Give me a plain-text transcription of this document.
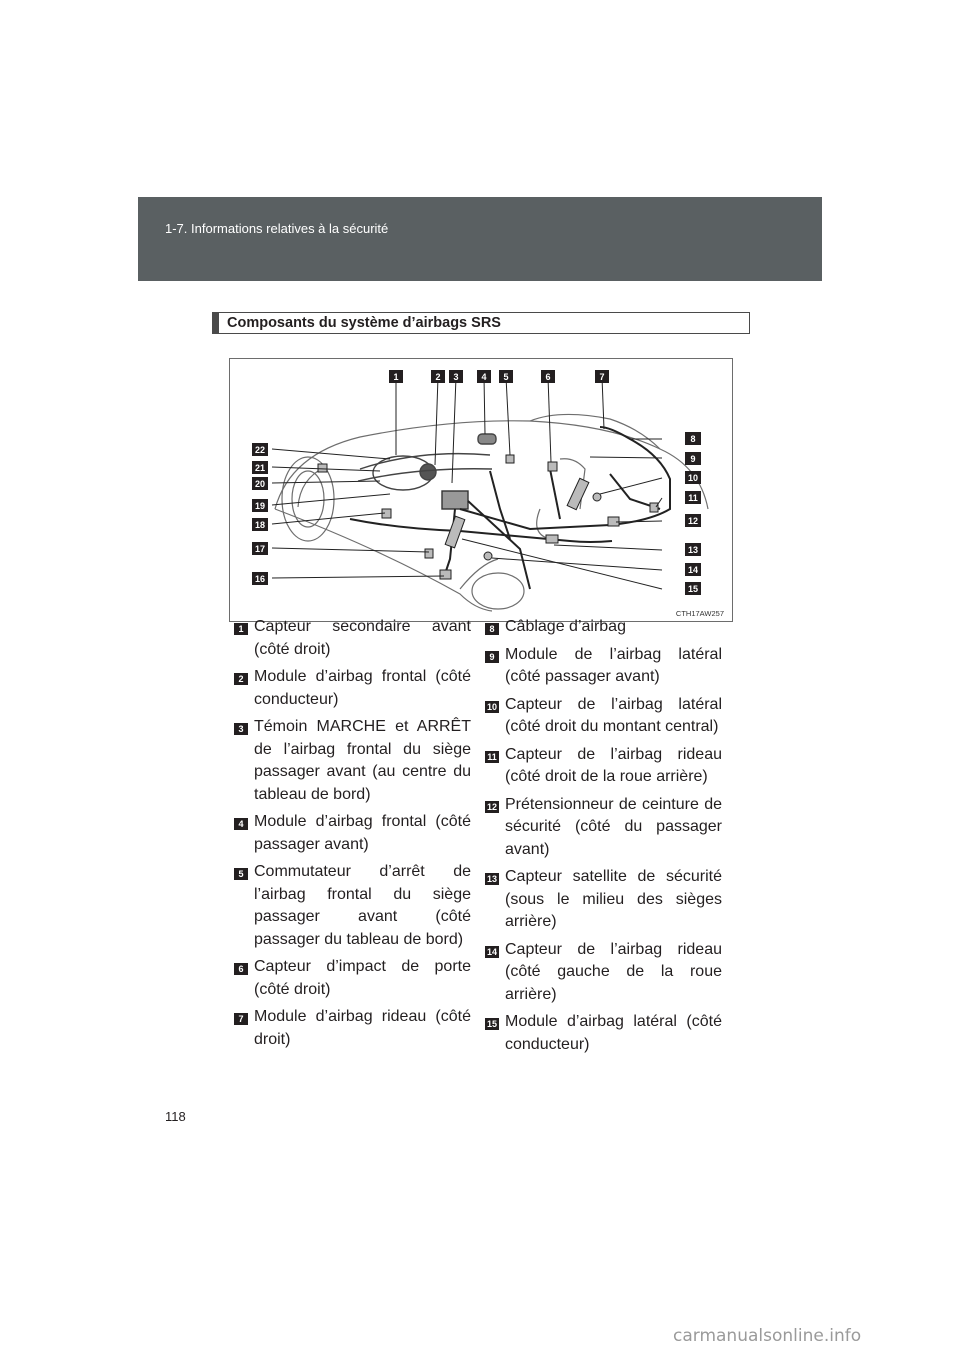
1-7. Informations relatives à la sécurité
Composants du système d’airbags SRS
1	2 3	4 5	6	7
8
9
10
11
12
13
14
15
16
17
18
19
20
21
22
CTH17AW257
1 Capteur secondaire avant (côté droit)
2 Module d’airbag frontal (côté conducteur)
3 Témoin MARCHE et ARRÊT de l’airbag frontal du siège passager avant (au centre du tableau de bord)
4 Module d’airbag frontal (côté passager avant)
5 Commutateur d’arrêt de l’airbag frontal du siège passager avant (côté passager du tableau de bord)
6 Capteur d’impact de porte (côté droit)
7 Module d’airbag rideau (côté droit)
8 Câblage d’airbag
9 Module de l’airbag latéral (côté passager avant)
10 Capteur de l’airbag latéral (côté droit du montant central)
11 Capteur de l’airbag rideau (côté droit de la roue arrière)
12 Prétensionneur de ceinture de sécurité (côté du passager avant)
13 Capteur satellite de sécurité (sous le milieu des sièges arrière)
14 Capteur de l’airbag rideau (côté gauche de la roue arrière)
15 Module d’airbag latéral (côté conducteur)
118
carmanualsonline.info
